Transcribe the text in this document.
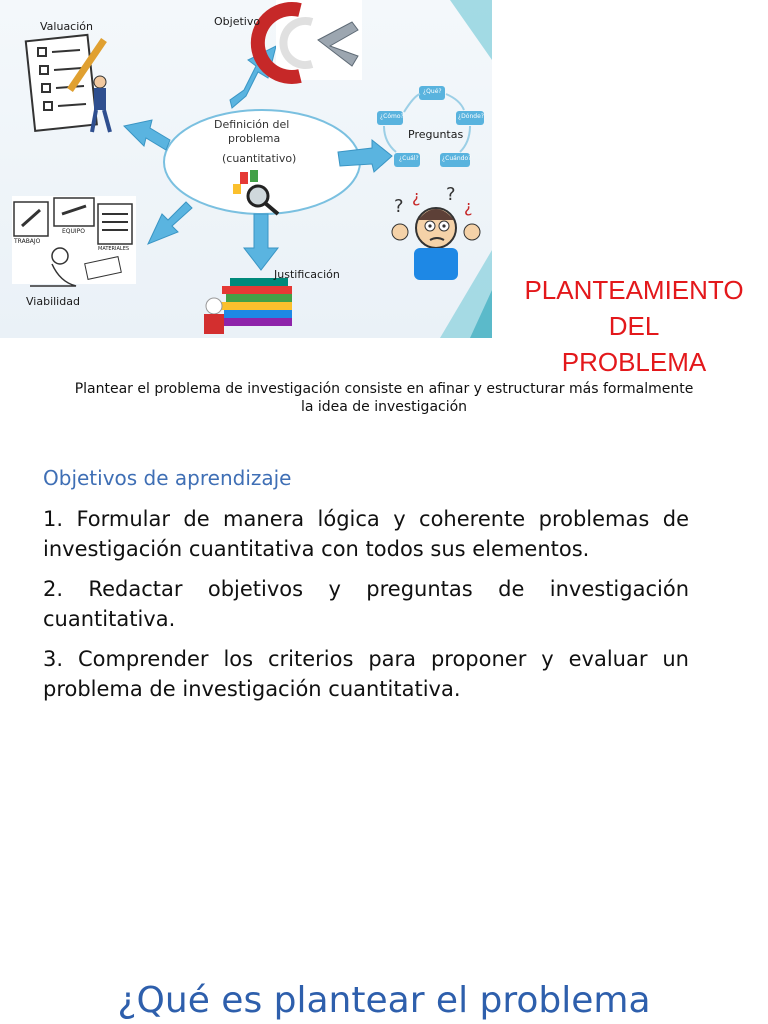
? ¿ ?
¿
Valuación	Objetivo
Preguntas
Justificación
Viabilidad
Definición del
problema
(cuantitativo)
¿Qué?
¿Cómo?	¿Dónde?
¿Cuál?	¿Cuándo?
TRABAJO
EQUIPO
MATERIALES
PLANTEAMIENTO
DEL
PROBLEMA
Plantear el problema de investigación consiste en afinar y estructurar más formalmente
la idea de investigación
Objetivos de aprendizaje

1. Formular de manera lógica y coherente problemas de investigación cuantitativa con todos sus elementos.

2. Redactar objetivos y preguntas de investigación cuantitativa.

3. Comprender los criterios para proponer y evaluar un problema de investigación cuantitativa.

¿Qué es plantear el problema
